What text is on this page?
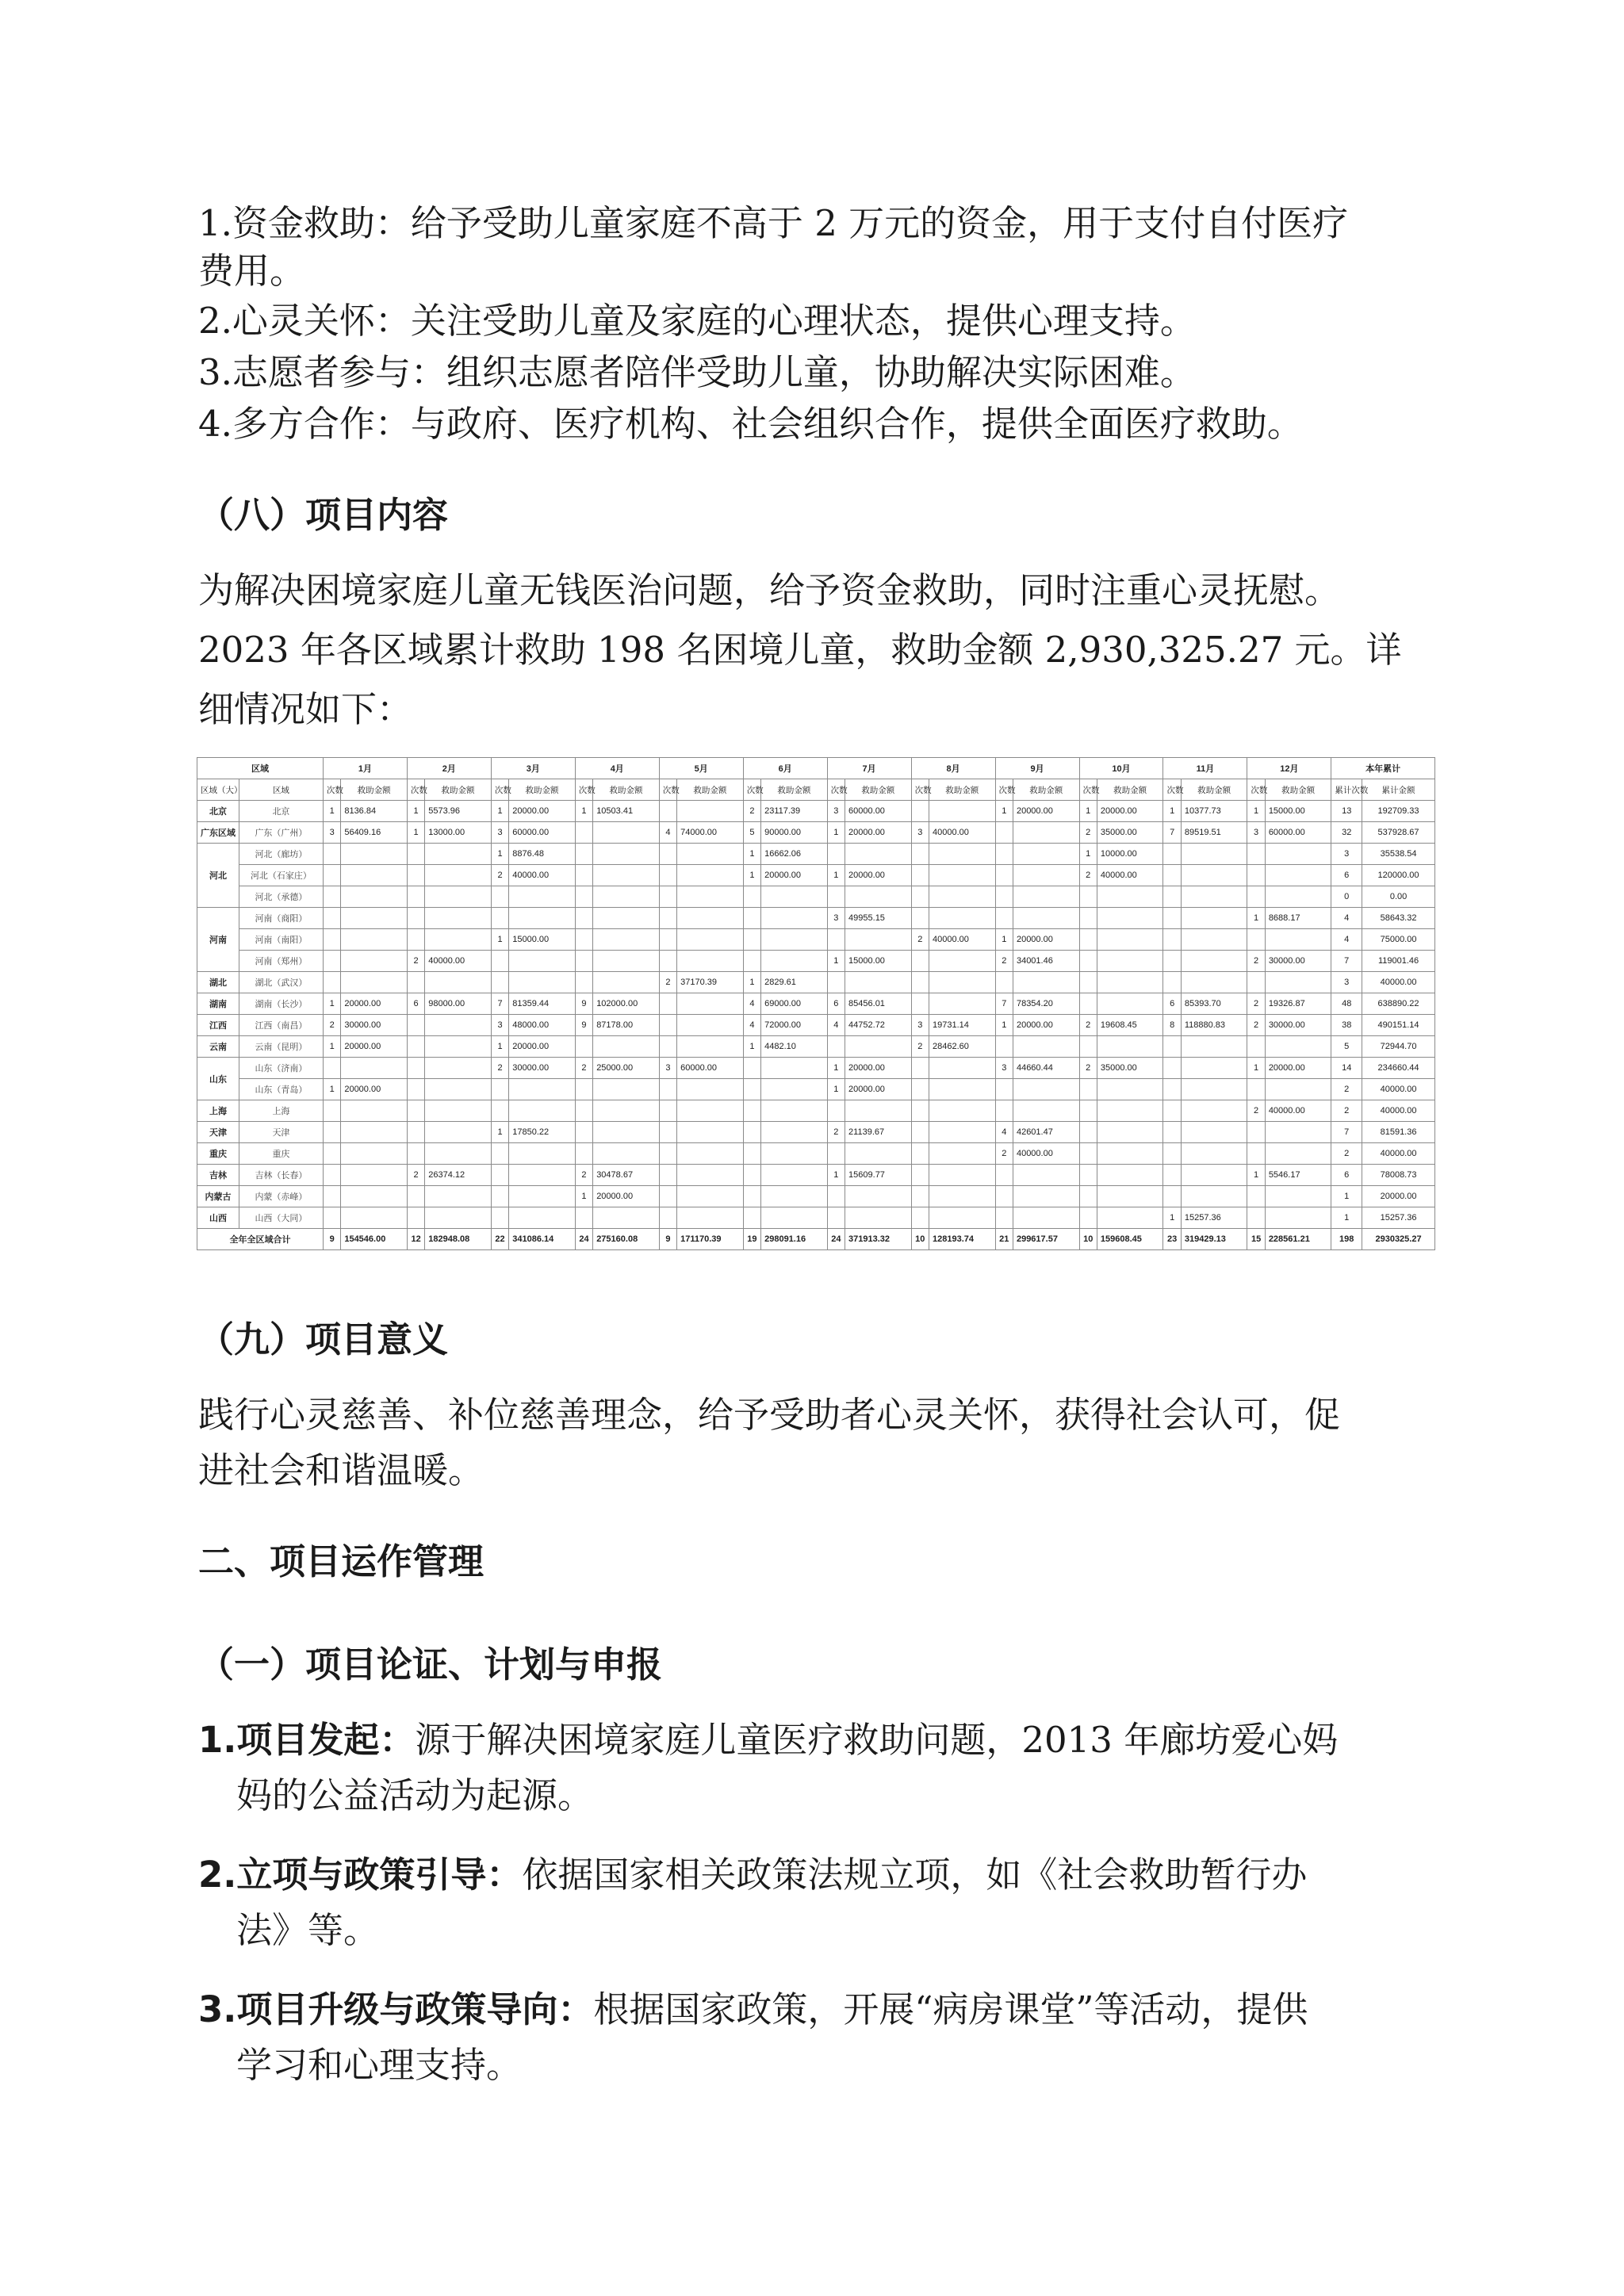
1.资金救助：给予受助儿童家庭不高于 2 万元的资金，用于支付自付医疗
费用。
2.心灵关怀：关注受助儿童及家庭的心理状态，提供心理支持。
3.志愿者参与：组织志愿者陪伴受助儿童，协助解决实际困难。
4.多方合作：与政府、医疗机构、社会组织合作，提供全面医疗救助。
（八）项目内容
为解决困境家庭儿童无钱医治问题，给予资金救助，同时注重心灵抚慰。
2023 年各区域累计救助 198 名困境儿童，救助金额 2,930,325.27 元。详
细情况如下：
区域		1月		2月		3月		4月		5月		6月		7月		8月		9月		10月		11月		12月		本年累计	
区域（大）	区域	次数	救助金额	次数	救助金额	次数	救助金额	次数	救助金额	次数	救助金额	次数	救助金额	次数	救助金额	次数	救助金额	次数	救助金额	次数	救助金额	次数	救助金额	次数	救助金额	累计次数	累计金额
北京	北京	1	8136.84	1	5573.96	1	20000.00	1	10503.41			2	23117.39	3	60000.00			1	20000.00	1	20000.00	1	10377.73	1	15000.00	13	192709.33
广东区域	广东（广州）	3	56409.16	1	13000.00	3	60000.00			4	74000.00	5	90000.00	1	20000.00	3	40000.00			2	35000.00	7	89519.51	3	60000.00	32	537928.67
河北	河北（廊坊）					1	8876.48					1	16662.06							1	10000.00					3	35538.54
	河北（石家庄）					2	40000.00					1	20000.00	1	20000.00					2	40000.00					6	120000.00
	河北（承德）																									0	0.00
河南	河南（商阳）													3	49955.15									1	8688.17	4	58643.32
	河南（南阳）					1	15000.00									2	40000.00	1	20000.00							4	75000.00
	河南（郑州）			2	40000.00									1	15000.00			2	34001.46					2	30000.00	7	119001.46
湖北	湖北（武汉）									2	37170.39	1	2829.61													3	40000.00
湖南	湖南（长沙）	1	20000.00	6	98000.00	7	81359.44	9	102000.00			4	69000.00	6	85456.01			7	78354.20			6	85393.70	2	19326.87	48	638890.22
江西	江西（南昌）	2	30000.00			3	48000.00	9	87178.00			4	72000.00	4	44752.72	3	19731.14	1	20000.00	2	19608.45	8	118880.83	2	30000.00	38	490151.14
云南	云南（昆明）	1	20000.00			1	20000.00					1	4482.10			2	28462.60									5	72944.70
山东	山东（济南）					2	30000.00	2	25000.00	3	60000.00			1	20000.00			3	44660.44	2	35000.00			1	20000.00	14	234660.44
	山东（青岛）	1	20000.00											1	20000.00											2	40000.00
上海	上海																							2	40000.00	2	40000.00
天津	天津					1	17850.22							2	21139.67			4	42601.47							7	81591.36
重庆	重庆																	2	40000.00							2	40000.00
吉林	吉林（长春）			2	26374.12			2	30478.67					1	15609.77									1	5546.17	6	78008.73
内蒙古	内蒙（赤峰）							1	20000.00																	1	20000.00
山西	山西（大同）																					1	15257.36			1	15257.36
全年全区域合计		9	154546.00	12	182948.08	22	341086.14	24	275160.08	9	171170.39	19	298091.16	24	371913.32	10	128193.74	21	299617.57	10	159608.45	23	319429.13	15	228561.21	198	2930325.27
（九）项目意义
践行心灵慈善、补位慈善理念，给予受助者心灵关怀，获得社会认可，促
进社会和谐温暖。
二、项目运作管理
（一）项目论证、计划与申报
1.项目发起：源于解决困境家庭儿童医疗救助问题，2013 年廊坊爱心妈
妈的公益活动为起源。
2.立项与政策引导：依据国家相关政策法规立项，如《社会救助暂行办
法》等。
3.项目升级与政策导向：根据国家政策，开展“病房课堂”等活动，提供
学习和心理支持。
